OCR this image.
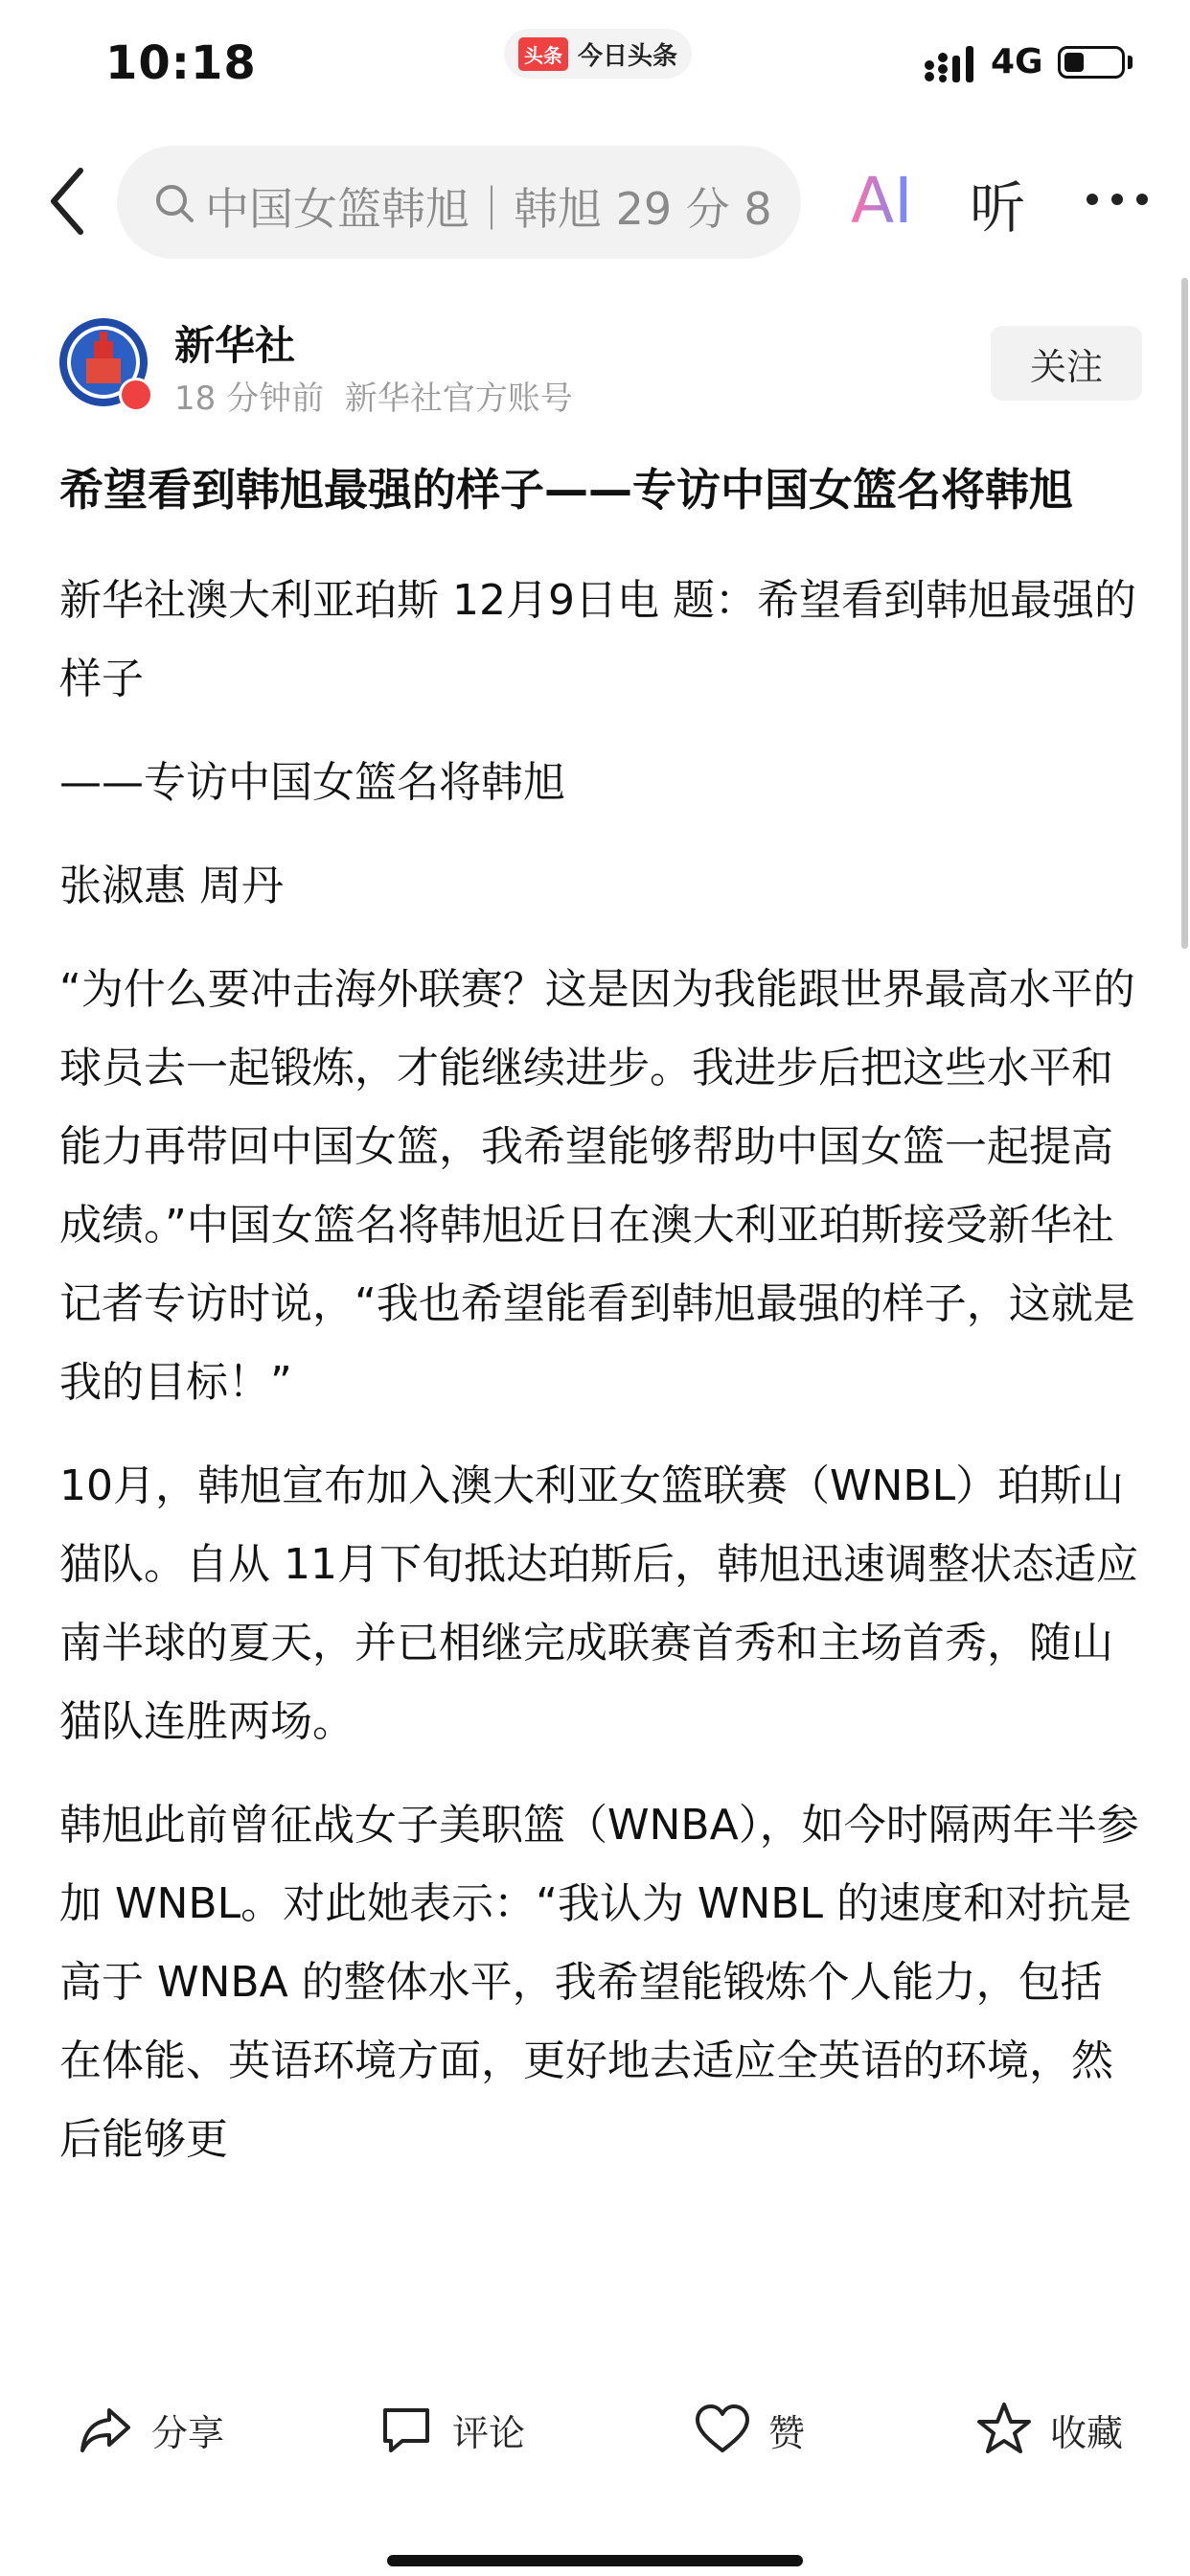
10:18	头条 今日头条	4G
中国女篮韩旭｜韩旭 29 分 8 AI 听
新华社
18 分钟前 新华社官方账号
关注
希望看到韩旭最强的样子——专访中国女篮名将韩旭

新华社澳大利亚珀斯 12月9日电 题：希望看到韩旭最强的样子

——专访中国女篮名将韩旭

张淑惠 周丹

“为什么要冲击海外联赛？这是因为我能跟世界最高水平的球员去一起锻炼，才能继续进步。我进步后把这些水平和能力再带回中国女篮，我希望能够帮助中国女篮一起提高成绩。”中国女篮名将韩旭近日在澳大利亚珀斯接受新华社记者专访时说，“我也希望能看到韩旭最强的样子，这就是我的目标！”

10月，韩旭宣布加入澳大利亚女篮联赛（WNBL）珀斯山猫队。自从 11月下旬抵达珀斯后，韩旭迅速调整状态适应南半球的夏天，并已相继完成联赛首秀和主场首秀，随山猫队连胜两场。

韩旭此前曾征战女子美职篮（WNBA），如今时隔两年半参加 WNBL。对此她表示：“我认为 WNBL 的速度和对抗是高于 WNBA 的整体水平，我希望能锻炼个人能力，包括在体能、英语环境方面，更好地去适应全英语的环境，然后能够更

分享	评论	赞	收藏
